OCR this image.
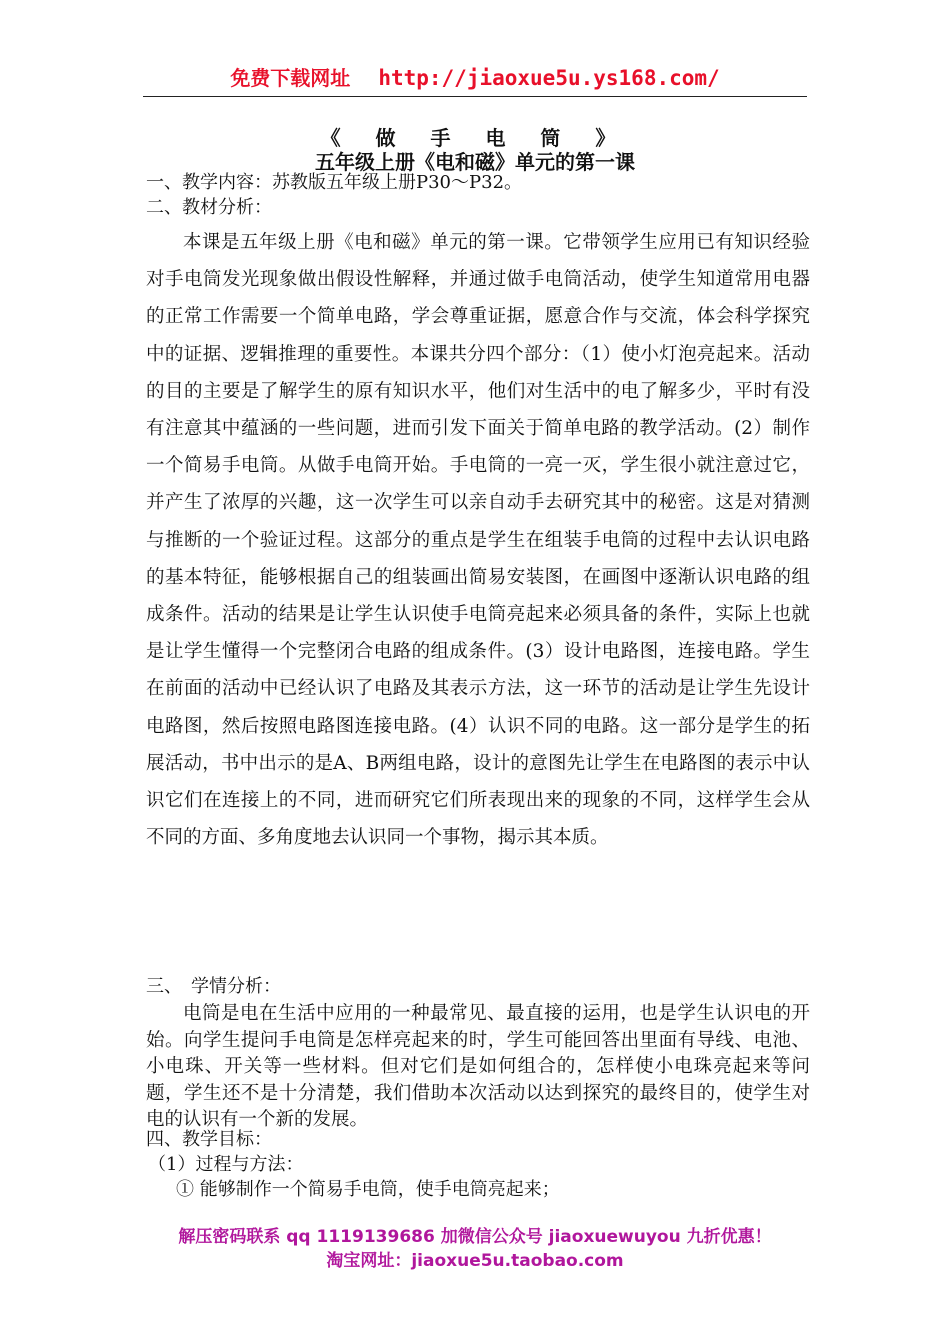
免费下载网址 http://jiaoxue5u.ys168.com/
《 做 手 电 筒 》
五年级上册《电和磁》单元的第一课
一、教学内容：苏教版五年级上册P30～P32。
二、教材分析：

本课是五年级上册《电和磁》单元的第一课。它带领学生应用已有知识经验对手电筒发光现象做出假设性解释，并通过做手电筒活动，使学生知道常用电器的正常工作需要一个简单电路，学会尊重证据，愿意合作与交流，体会科学探究中的证据、逻辑推理的重要性。本课共分四个部分：（1）使小灯泡亮起来。活动的目的主要是了解学生的原有知识水平，他们对生活中的电了解多少，平时有没有注意其中蕴涵的一些问题，进而引发下面关于简单电路的教学活动。(2）制作一个简易手电筒。从做手电筒开始。手电筒的一亮一灭，学生很小就注意过它，并产生了浓厚的兴趣，这一次学生可以亲自动手去研究其中的秘密。这是对猜测与推断的一个验证过程。这部分的重点是学生在组装手电筒的过程中去认识电路的基本特征，能够根据自己的组装画出简易安装图，在画图中逐渐认识电路的组成条件。活动的结果是让学生认识使手电筒亮起来必须具备的条件，实际上也就是让学生懂得一个完整闭合电路的组成条件。(3）设计电路图，连接电路。学生在前面的活动中已经认识了电路及其表示方法，这一环节的活动是让学生先设计电路图，然后按照电路图连接电路。(4）认识不同的电路。这一部分是学生的拓展活动，书中出示的是A、B两组电路，设计的意图先让学生在电路图的表示中认识它们在连接上的不同，进而研究它们所表现出来的现象的不同，这样学生会从不同的方面、多角度地去认识同一个事物，揭示其本质。

三、　学情分析：

电筒是电在生活中应用的一种最常见、最直接的运用，也是学生认识电的开始。向学生提问手电筒是怎样亮起来的时，学生可能回答出里面有导线、电池、小电珠、开关等一些材料。但对它们是如何组合的，怎样使小电珠亮起来等问题，学生还不是十分清楚，我们借助本次活动以达到探究的最终目的，使学生对电的认识有一个新的发展。

四、教学目标：
（1）过程与方法：
① 能够制作一个简易手电筒，使手电筒亮起来；
解压密码联系 qq 1119139686 加微信公众号 jiaoxuewuyou 九折优惠！
淘宝网址：jiaoxue5u.taobao.com
